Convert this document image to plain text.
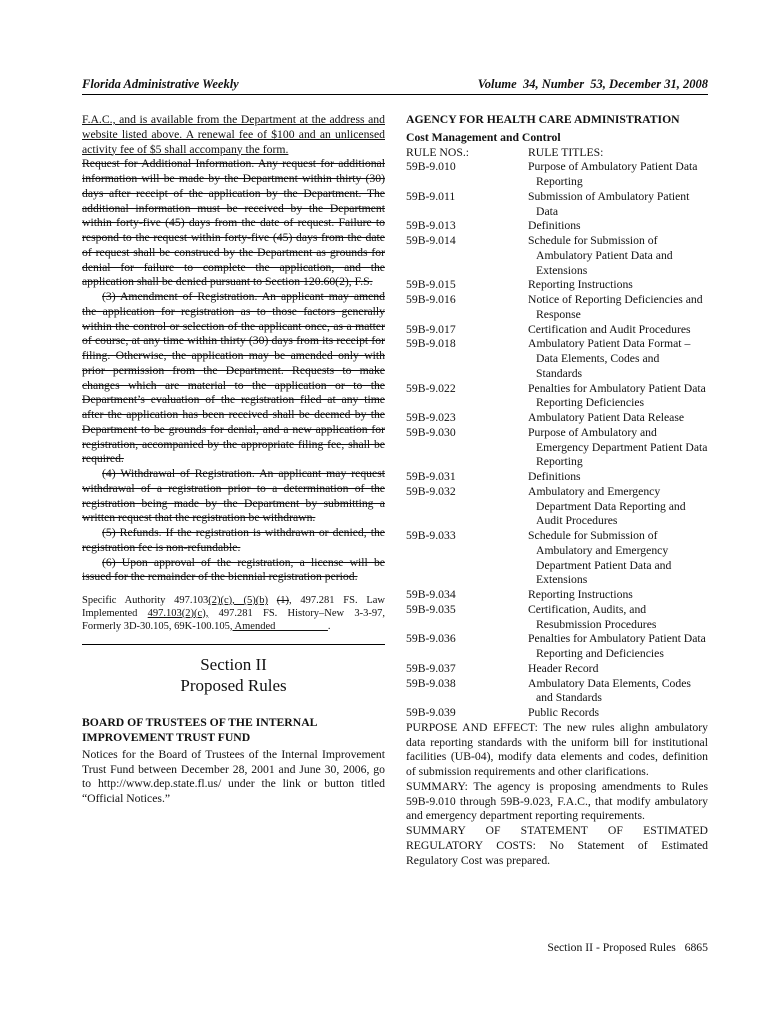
Florida Administrative Weekly	Volume  34, Number  53, December 31, 2008

F.A.C., and is available from the Department at the address and website listed above. A renewal fee of $100 and an unlicensed activity fee of $5 shall accompany the form.

Request for Additional Information. Any request for additional information will be made by the Department within thirty (30) days after receipt of the application by the Department. The additional information must be received by the Department within forty-five (45) days from the date of request. Failure to respond to the request within forty-five (45) days from the date of request shall be construed by the Department as grounds for denial for failure to complete the application, and the application shall be denied pursuant to Section 120.60(2), F.S.

(3) Amendment of Registration. An applicant may amend the application for registration as to those factors generally within the control or selection of the applicant once, as a matter of course, at any time within thirty (30) days from its receipt for filing. Otherwise, the application may be amended only with prior permission from the Department. Requests to make changes which are material to the application or to the Department’s evaluation of the registration filed at any time after the application has been received shall be deemed by the Department to be grounds for denial, and a new application for registration, accompanied by the appropriate filing fee, shall be required.

(4) Withdrawal of Registration. An applicant may request withdrawal of a registration prior to a determination of the registration being made by the Department by submitting a written request that the registration be withdrawn.

(5) Refunds. If the registration is withdrawn or denied, the registration fee is non-refundable.

(6) Upon approval of the registration, a license will be issued for the remainder of the biennial registration period.

Specific Authority 497.103(2)(c), (5)(b) (1), 497.281 FS. Law Implemented 497.103(2)(c), 497.281 FS. History–New 3-3-97, Formerly 3D-30.105, 69K-100.105, Amended__________.

Section II
Proposed Rules

BOARD OF TRUSTEES OF THE INTERNAL IMPROVEMENT TRUST FUND

Notices for the Board of Trustees of the Internal Improvement Trust Fund between December 28, 2001 and June 30, 2006, go to http://www.dep.state.fl.us/ under the link or button titled “Official Notices.”

AGENCY FOR HEALTH CARE ADMINISTRATION

Cost Management and Control

RULE NOS.:	RULE TITLES:
59B-9.010	Purpose of Ambulatory Patient Data Reporting
59B-9.011	Submission of Ambulatory Patient Data
59B-9.013	Definitions
59B-9.014	Schedule for Submission of Ambulatory Patient Data and Extensions
59B-9.015	Reporting Instructions
59B-9.016	Notice of Reporting Deficiencies and Response
59B-9.017	Certification and Audit Procedures
59B-9.018	Ambulatory Patient Data Format – Data Elements, Codes and Standards
59B-9.022	Penalties for Ambulatory Patient Data Reporting Deficiencies
59B-9.023	Ambulatory Patient Data Release
59B-9.030	Purpose of Ambulatory and Emergency Department Patient Data Reporting
59B-9.031	Definitions
59B-9.032	Ambulatory and Emergency Department Data Reporting and Audit Procedures
59B-9.033	Schedule for Submission of Ambulatory and Emergency Department Patient Data and Extensions
59B-9.034	Reporting Instructions
59B-9.035	Certification, Audits, and Resubmission Procedures
59B-9.036	Penalties for Ambulatory Patient Data Reporting and Deficiencies
59B-9.037	Header Record
59B-9.038	Ambulatory Data Elements, Codes and Standards
59B-9.039	Public Records

PURPOSE AND EFFECT: The new rules alighn ambulatory data reporting standards with the uniform bill for institutional facilities (UB-04), modify data elements and codes, definition of submission requirements and other clarifications.

SUMMARY: The agency is proposing amendments to Rules 59B-9.010 through 59B-9.023, F.A.C., that modify ambulatory and emergency department reporting requirements.

SUMMARY OF STATEMENT OF ESTIMATED REGULATORY COSTS: No Statement of Estimated Regulatory Cost was prepared.

Section II - Proposed Rules   6865
